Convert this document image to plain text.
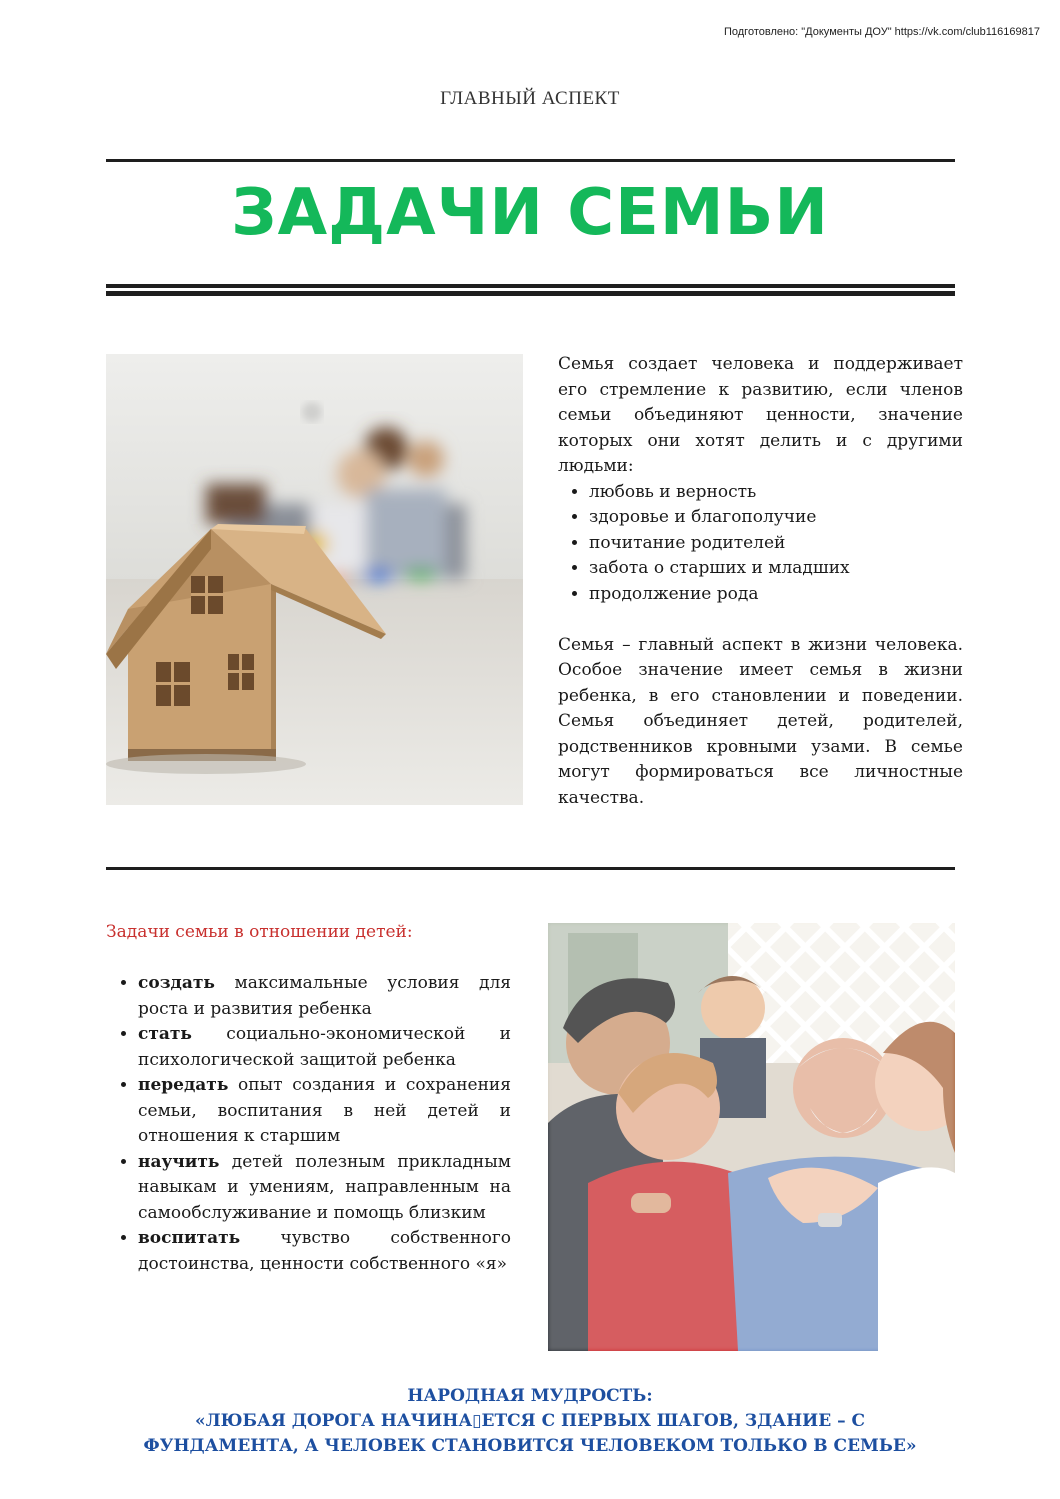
Подготовлено: "Документы ДОУ" https://vk.com/club116169817
ГЛАВНЫЙ АСПЕКТ
ЗАДАЧИ СЕМЬИ

Семья создает человека и поддерживает его стремление к развитию, если членов семьи объединяют ценности, значение которых они хотят делить и с другими людьми:

• любовь и верность
• здоровье и благополучие
• почитание родителей
• забота о старших и младших
• продолжение рода

Семья – главный аспект в жизни человека. Особое значение имеет семья в жизни ребенка, в его становлении и поведении. Семья объединяет детей, родителей, родственников кровными узами. В семье могут формироваться все личностные качества.

Задачи семьи в отношении детей:
• создать максимальные условия для роста и развития ребенка
• стать социально-экономической и психологической защитой ребенка
• передать опыт создания и сохранения семьи, воспитания в ней детей и отношения к старшим
• научить детей полезным прикладным навыкам и умениям, направленным на самообслуживание и помощь близким
• воспитать чувство собственного достоинства, ценности собственного «я»
НАРОДНАЯ МУДРОСТЬ:
«ЛЮБАЯ ДОРОГА НАЧИНА▯ЕТСЯ С ПЕРВЫХ ШАГОВ, ЗДАНИЕ – С
ФУНДАМЕНТА, А ЧЕЛОВЕК СТАНОВИТСЯ ЧЕЛОВЕКОМ ТОЛЬКО В СЕМЬЕ»
